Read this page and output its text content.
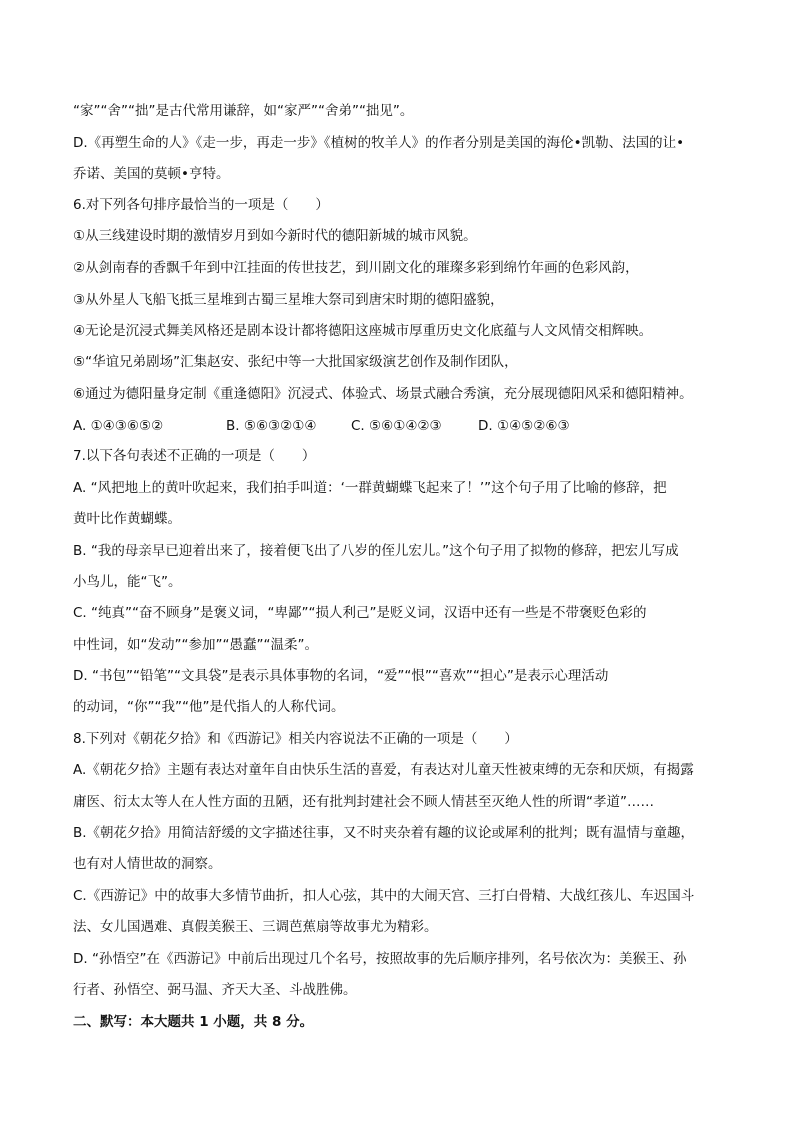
“家”“舍”“拙”是古代常用谦辞，如“家严”“舍弟”“拙见”。
D.《再塑生命的人》《走一步，再走一步》《植树的牧羊人》的作者分别是美国的海伦•凯勒、法国的让•
乔诺、美国的莫顿•亨特。
6.对下列各句排序最恰当的一项是（　　）
①从三线建设时期的激情岁月到如今新时代的德阳新城的城市风貌。
②从剑南春的香飘千年到中江挂面的传世技艺，到川剧文化的璀璨多彩到绵竹年画的色彩风韵，
③从外星人飞船飞抵三星堆到古蜀三星堆大祭司到唐宋时期的德阳盛貌，
④无论是沉浸式舞美风格还是剧本设计都将德阳这座城市厚重历史文化底蕴与人文风情交相辉映。
⑤“华谊兄弟剧场”汇集赵安、张纪中等一大批国家级演艺创作及制作团队，
⑥通过为德阳量身定制《重逢德阳》沉浸式、体验式、场景式融合秀演，充分展现德阳风采和德阳精神。
A. ①④③⑥⑤②	B. ⑤⑥③②①④	C. ⑤⑥①④②③	D. ①④⑤②⑥③
7.以下各句表述不正确的一项是（　　）
A. “风把地上的黄叶吹起来，我们拍手叫道：‘一群黄蝴蝶飞起来了！’”这个句子用了比喻的修辞，把
黄叶比作黄蝴蝶。
B. “我的母亲早已迎着出来了，接着便飞出了八岁的侄儿宏儿。”这个句子用了拟物的修辞，把宏儿写成
小鸟儿，能“飞”。
C. “纯真”“奋不顾身”是褒义词，“卑鄙”“损人利己”是贬义词，汉语中还有一些是不带褒贬色彩的
中性词，如“发动”“参加”“愚蠢”“温柔”。
D. “书包”“铅笔”“文具袋”是表示具体事物的名词，“爱”“恨”“喜欢”“担心”是表示心理活动
的动词，“你”“我”“他”是代指人的人称代词。
8.下列对《朝花夕拾》和《西游记》相关内容说法不正确的一项是（　　）
A.《朝花夕拾》主题有表达对童年自由快乐生活的喜爱，有表达对儿童天性被束缚的无奈和厌烦，有揭露
庸医、衍太太等人在人性方面的丑陋，还有批判封建社会不顾人情甚至灭绝人性的所谓“孝道”……
B.《朝花夕拾》用简洁舒缓的文字描述往事，又不时夹杂着有趣的议论或犀利的批判；既有温情与童趣，
也有对人情世故的洞察。
C.《西游记》中的故事大多情节曲折，扣人心弦，其中的大闹天宫、三打白骨精、大战红孩儿、车迟国斗
法、女儿国遇难、真假美猴王、三调芭蕉扇等故事尤为精彩。
D. “孙悟空”在《西游记》中前后出现过几个名号，按照故事的先后顺序排列，名号依次为：美猴王、孙
行者、孙悟空、弼马温、齐天大圣、斗战胜佛。
二、默写：本大题共 1 小题，共 8 分。
